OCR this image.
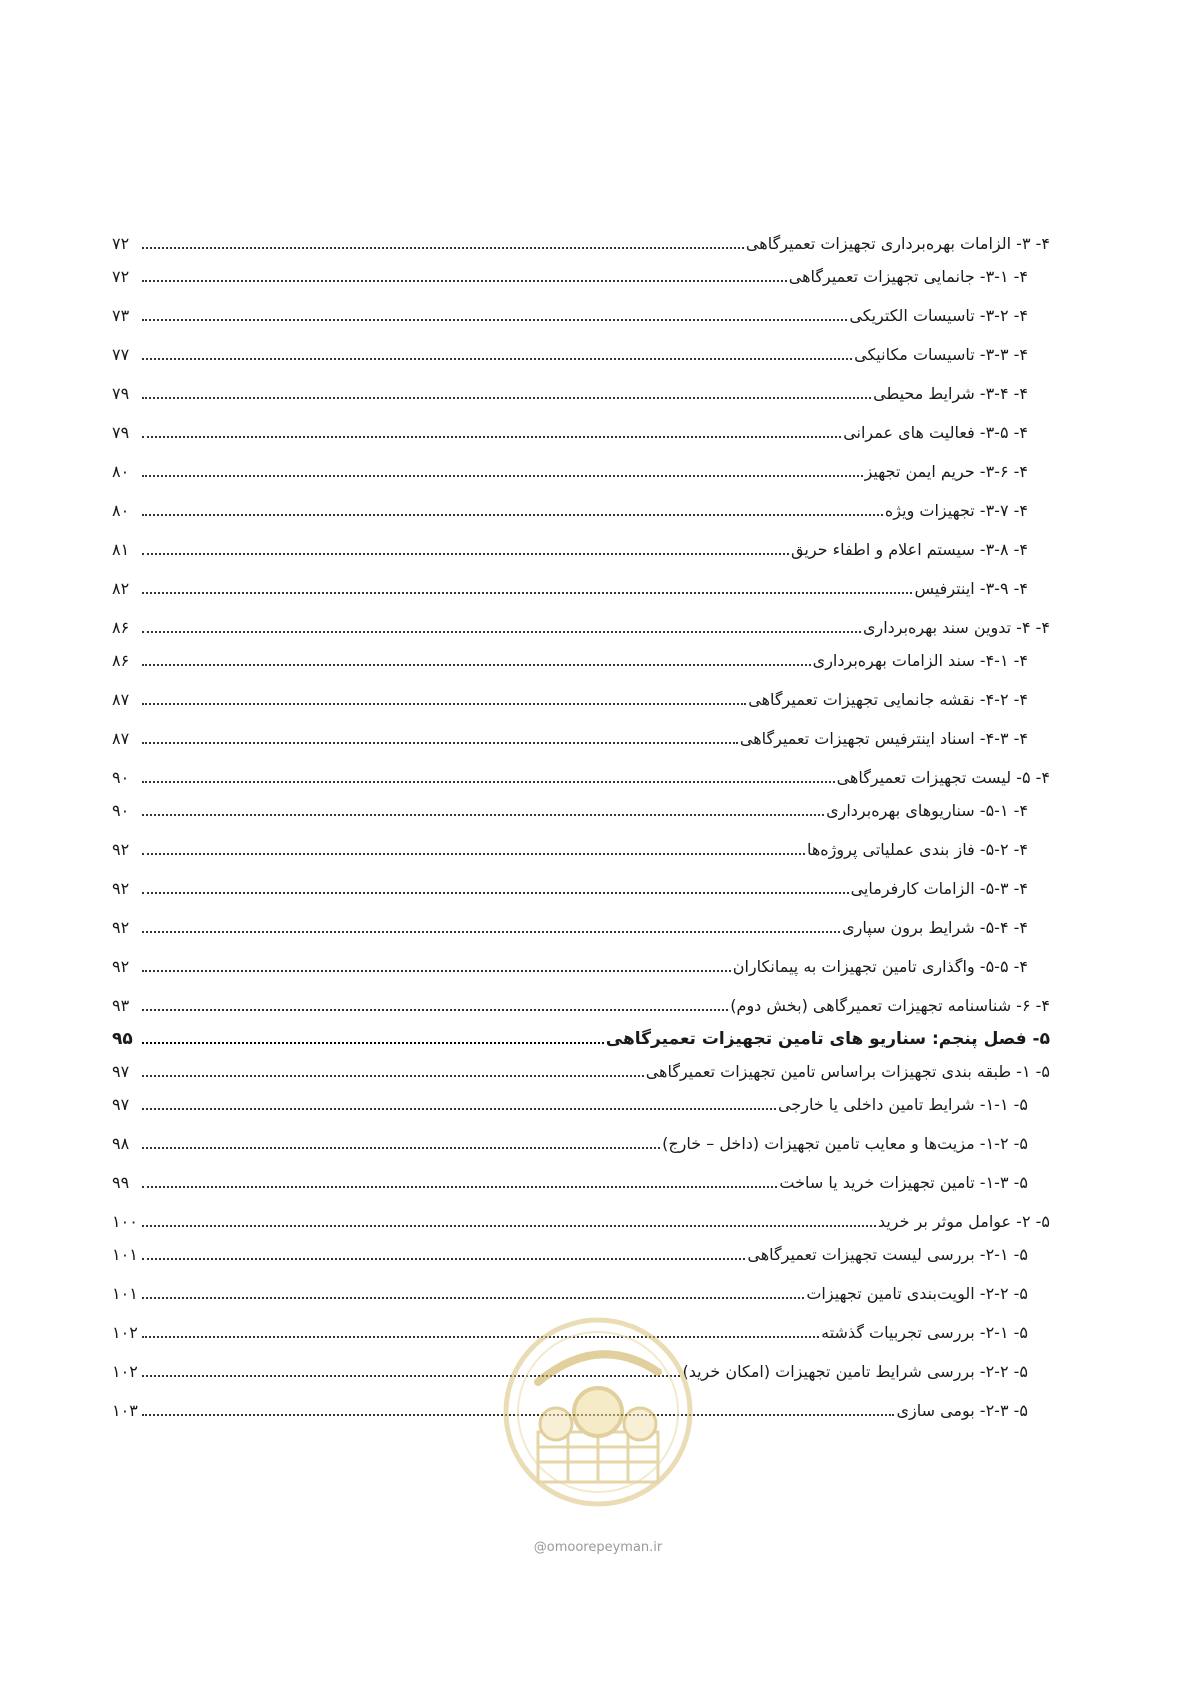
۴- ۳- الزامات بهره‌برداری تجهیزات تعمیرگاهی
۷۲
۴- ۳-۱- جانمایی تجهیزات تعمیرگاهی
۷۲
۴- ۳-۲- تاسیسات الکتریکی
۷۳
۴- ۳-۳- تاسیسات مکانیکی
۷۷
۴- ۳-۴- شرایط محیطی
۷۹
۴- ۳-۵- فعالیت های عمرانی
۷۹
۴- ۳-۶- حریم ایمن تجهیز
۸۰
۴- ۳-۷- تجهیزات ویژه
۸۰
۴- ۳-۸- سیستم اعلام و اطفاء حریق
۸۱
۴- ۳-۹- اینترفیس
۸۲
۴- ۴- تدوین سند بهره‌برداری
۸۶
۴- ۴-۱- سند الزامات بهره‌برداری
۸۶
۴- ۴-۲- نقشه جانمایی تجهیزات تعمیرگاهی
۸۷
۴- ۴-۳- اسناد اینترفیس تجهیزات تعمیرگاهی
۸۷
۴- ۵- لیست تجهیزات تعمیرگاهی
۹۰
۴- ۵-۱- سناریوهای بهره‌برداری
۹۰
۴- ۵-۲- فاز بندی عملیاتی پروژه‌ها
۹۲
۴- ۵-۳- الزامات کارفرمایی
۹۲
۴- ۵-۴- شرایط برون سپاری
۹۲
۴- ۵-۵- واگذاری تامین تجهیزات به پیمانکاران
۹۲
۴- ۶- شناسنامه تجهیزات تعمیرگاهی (بخش دوم)
۹۳
۵- فصل پنجم: سناریو های تامین تجهیزات تعمیرگاهی
۹۵
۵- ۱- طبقه بندی تجهیزات براساس تامین تجهیزات تعمیرگاهی
۹۷
۵- ۱-۱- شرایط تامین داخلی یا خارجی
۹۷
۵- ۱-۲- مزیت‌ها و معایب تامین تجهیزات (داخل – خارج)
۹۸
۵- ۱-۳- تامین تجهیزات خرید یا ساخت
۹۹
۵- ۲- عوامل موثر بر خرید
۱۰۰
۵- ۲-۱- بررسی لیست تجهیزات تعمیرگاهی
۱۰۱
۵- ۲-۲- الویت‌بندی تامین تجهیزات
۱۰۱
۵- ۲-۱- بررسی تجربیات گذشته
۱۰۲
۵- ۲-۲- بررسی شرایط تامین تجهیزات (امکان خرید)
۱۰۲
۵- ۲-۳- بومی سازی
۱۰۳
@omoorepeyman.ir
